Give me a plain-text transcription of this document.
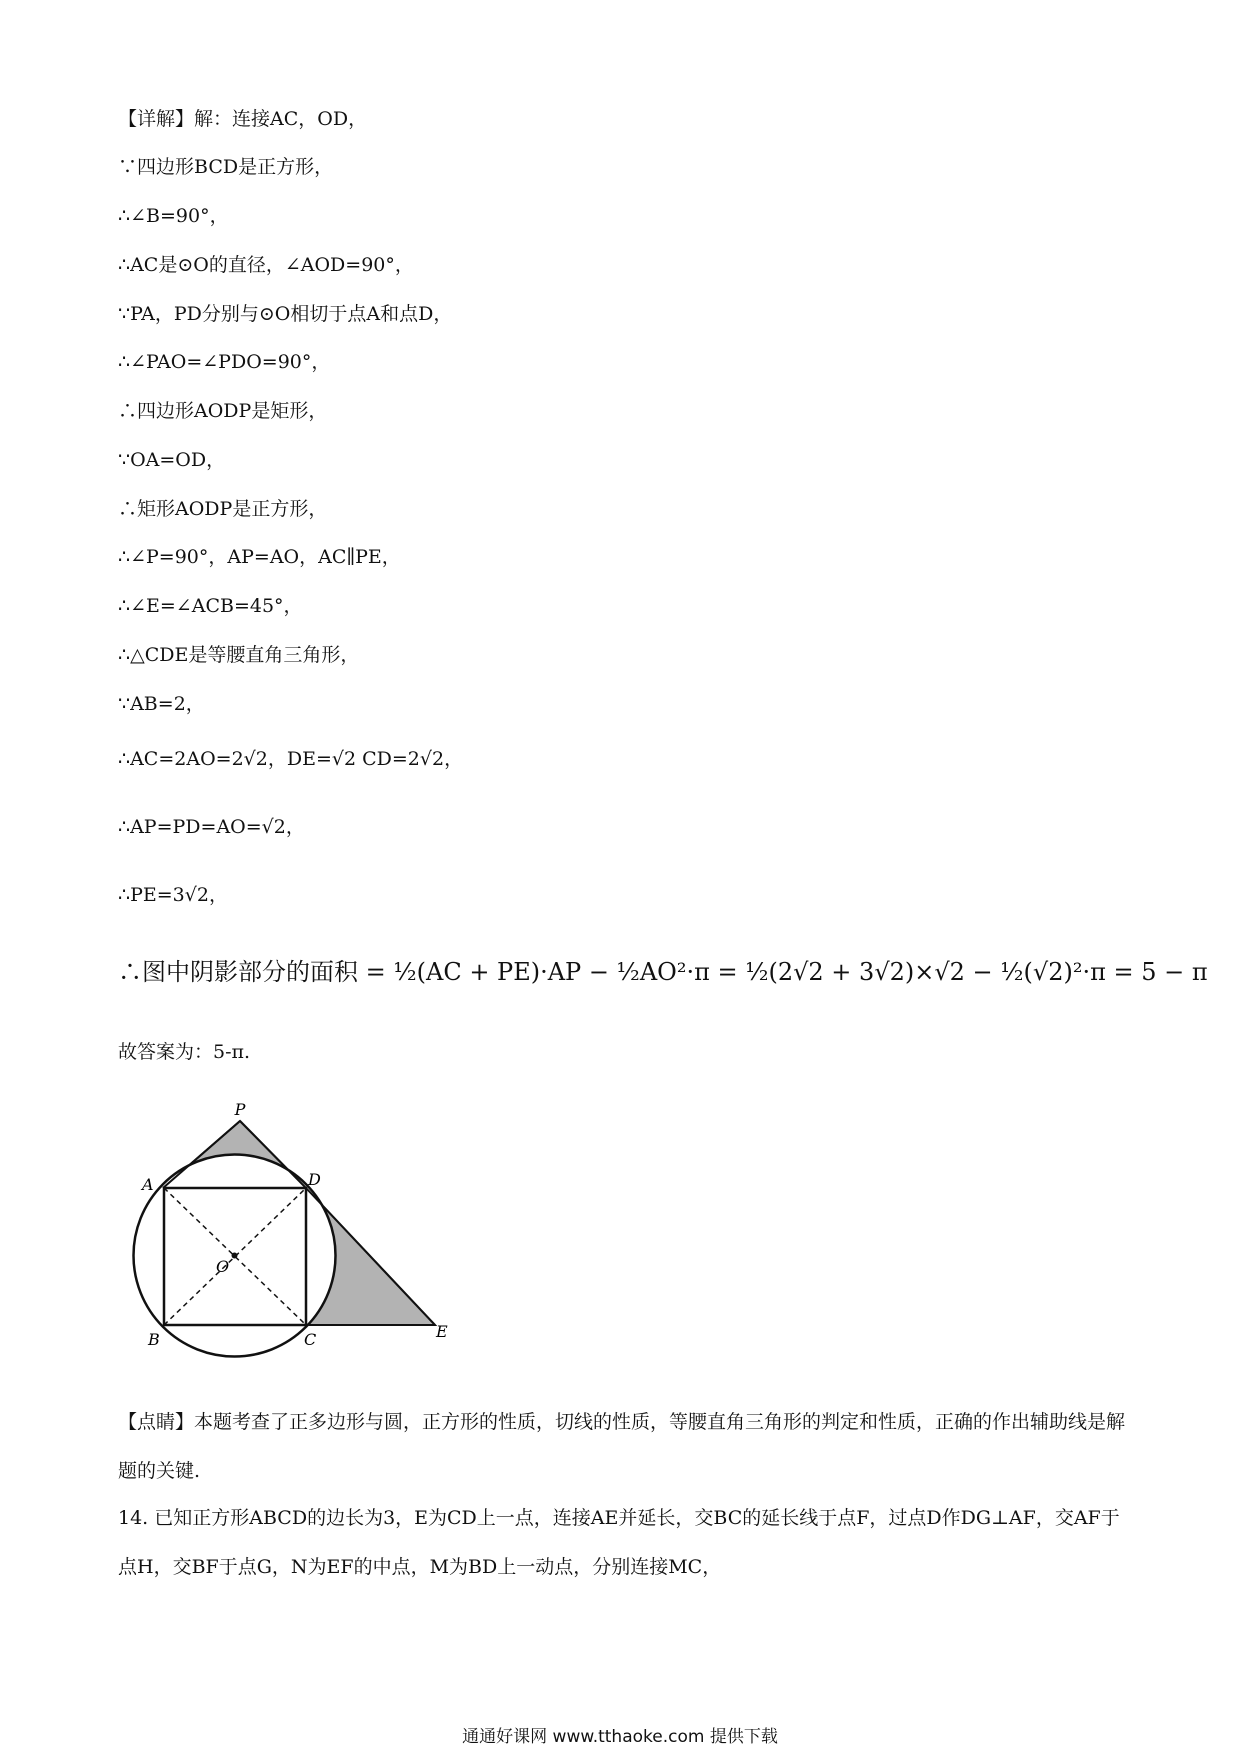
【详解】解：连接AC，OD，
∵四边形BCD是正方形，
∴∠B=90°，
∴AC是⊙O的直径，∠AOD=90°，
∵PA，PD分别与⊙O相切于点A和点D，
∴∠PAO=∠PDO=90°，
∴四边形AODP是矩形，
∵OA=OD，
∴矩形AODP是正方形，
∴∠P=90°，AP=AO，AC∥PE，
∴∠E=∠ACB=45°，
∴△CDE是等腰直角三角形，
∵AB=2，
∴AC=2AO=2√2，DE=√2 CD=2√2，
∴AP=PD=AO=√2，
∴PE=3√2，
∴图中阴影部分的面积 = ½(AC + PE)·AP − ½AO²·π = ½(2√2 + 3√2)×√2 − ½(√2)²·π = 5 − π
故答案为：5-π.
P
A	D
O
B	C	E
【点睛】本题考查了正多边形与圆，正方形的性质，切线的性质，等腰直角三角形的判定和性质，正确的作出辅助线是解题的关键.
14. 已知正方形ABCD的边长为3，E为CD上一点，连接AE并延长，交BC的延长线于点F，过点D作DG⊥AF，交AF于点H，交BF于点G，N为EF的中点，M为BD上一动点，分别连接MC，
通通好课网 www.tthaoke.com 提供下载
